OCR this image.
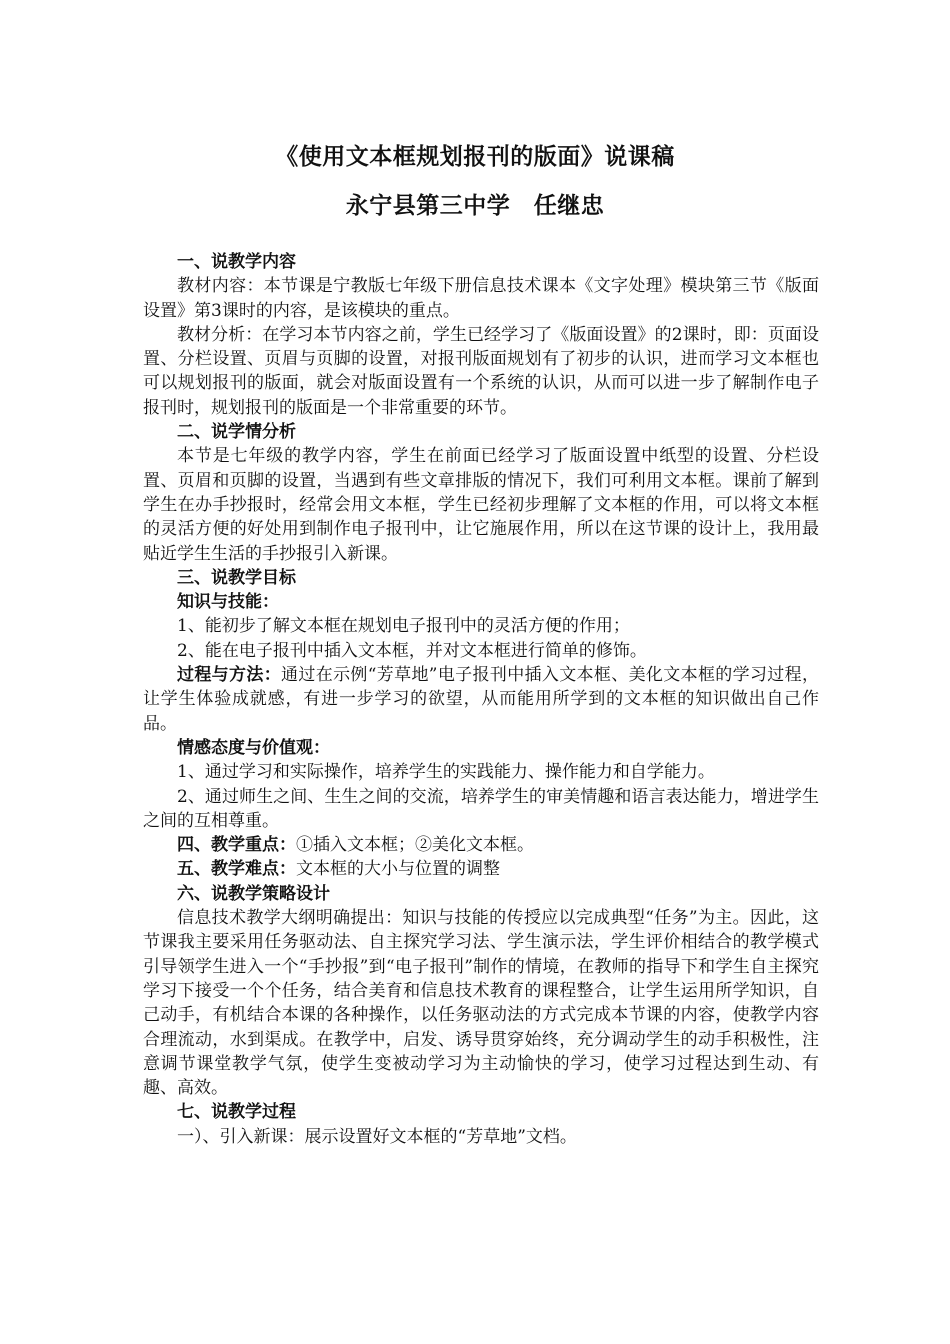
《使用文本框规划报刊的版面》说课稿
永宁县第三中学　任继忠

一、说教学内容

教材内容：本节课是宁教版七年级下册信息技术课本《文字处理》模块第三节《版面设置》第3课时的内容，是该模块的重点。

教材分析：在学习本节内容之前，学生已经学习了《版面设置》的2课时，即：页面设置、分栏设置、页眉与页脚的设置，对报刊版面规划有了初步的认识，进而学习文本框也可以规划报刊的版面，就会对版面设置有一个系统的认识，从而可以进一步了解制作电子报刊时，规划报刊的版面是一个非常重要的环节。

二、说学情分析

本节是七年级的教学内容，学生在前面已经学习了版面设置中纸型的设置、分栏设置、页眉和页脚的设置，当遇到有些文章排版的情况下，我们可利用文本框。课前了解到学生在办手抄报时，经常会用文本框，学生已经初步理解了文本框的作用，可以将文本框的灵活方便的好处用到制作电子报刊中，让它施展作用，所以在这节课的设计上，我用最贴近学生生活的手抄报引入新课。

三、说教学目标

知识与技能：

1、能初步了解文本框在规划电子报刊中的灵活方便的作用；

2、能在电子报刊中插入文本框，并对文本框进行简单的修饰。

过程与方法：通过在示例“芳草地”电子报刊中插入文本框、美化文本框的学习过程，让学生体验成就感，有进一步学习的欲望，从而能用所学到的文本框的知识做出自己作品。

情感态度与价值观：

1、通过学习和实际操作，培养学生的实践能力、操作能力和自学能力。

2、通过师生之间、生生之间的交流，培养学生的审美情趣和语言表达能力，增进学生之间的互相尊重。

四、教学重点：①插入文本框；②美化文本框。

五、教学难点：文本框的大小与位置的调整

六、说教学策略设计

信息技术教学大纲明确提出：知识与技能的传授应以完成典型“任务”为主。因此，这节课我主要采用任务驱动法、自主探究学习法、学生演示法，学生评价相结合的教学模式引导领学生进入一个“手抄报”到“电子报刊”制作的情境，在教师的指导下和学生自主探究学习下接受一个个任务，结合美育和信息技术教育的课程整合，让学生运用所学知识，自己动手，有机结合本课的各种操作，以任务驱动法的方式完成本节课的内容，使教学内容合理流动，水到渠成。在教学中，启发、诱导贯穿始终，充分调动学生的动手积极性，注意调节课堂教学气氛，使学生变被动学习为主动愉快的学习，使学习过程达到生动、有趣、高效。

七、说教学过程

一）、引入新课：展示设置好文本框的“芳草地”文档。
